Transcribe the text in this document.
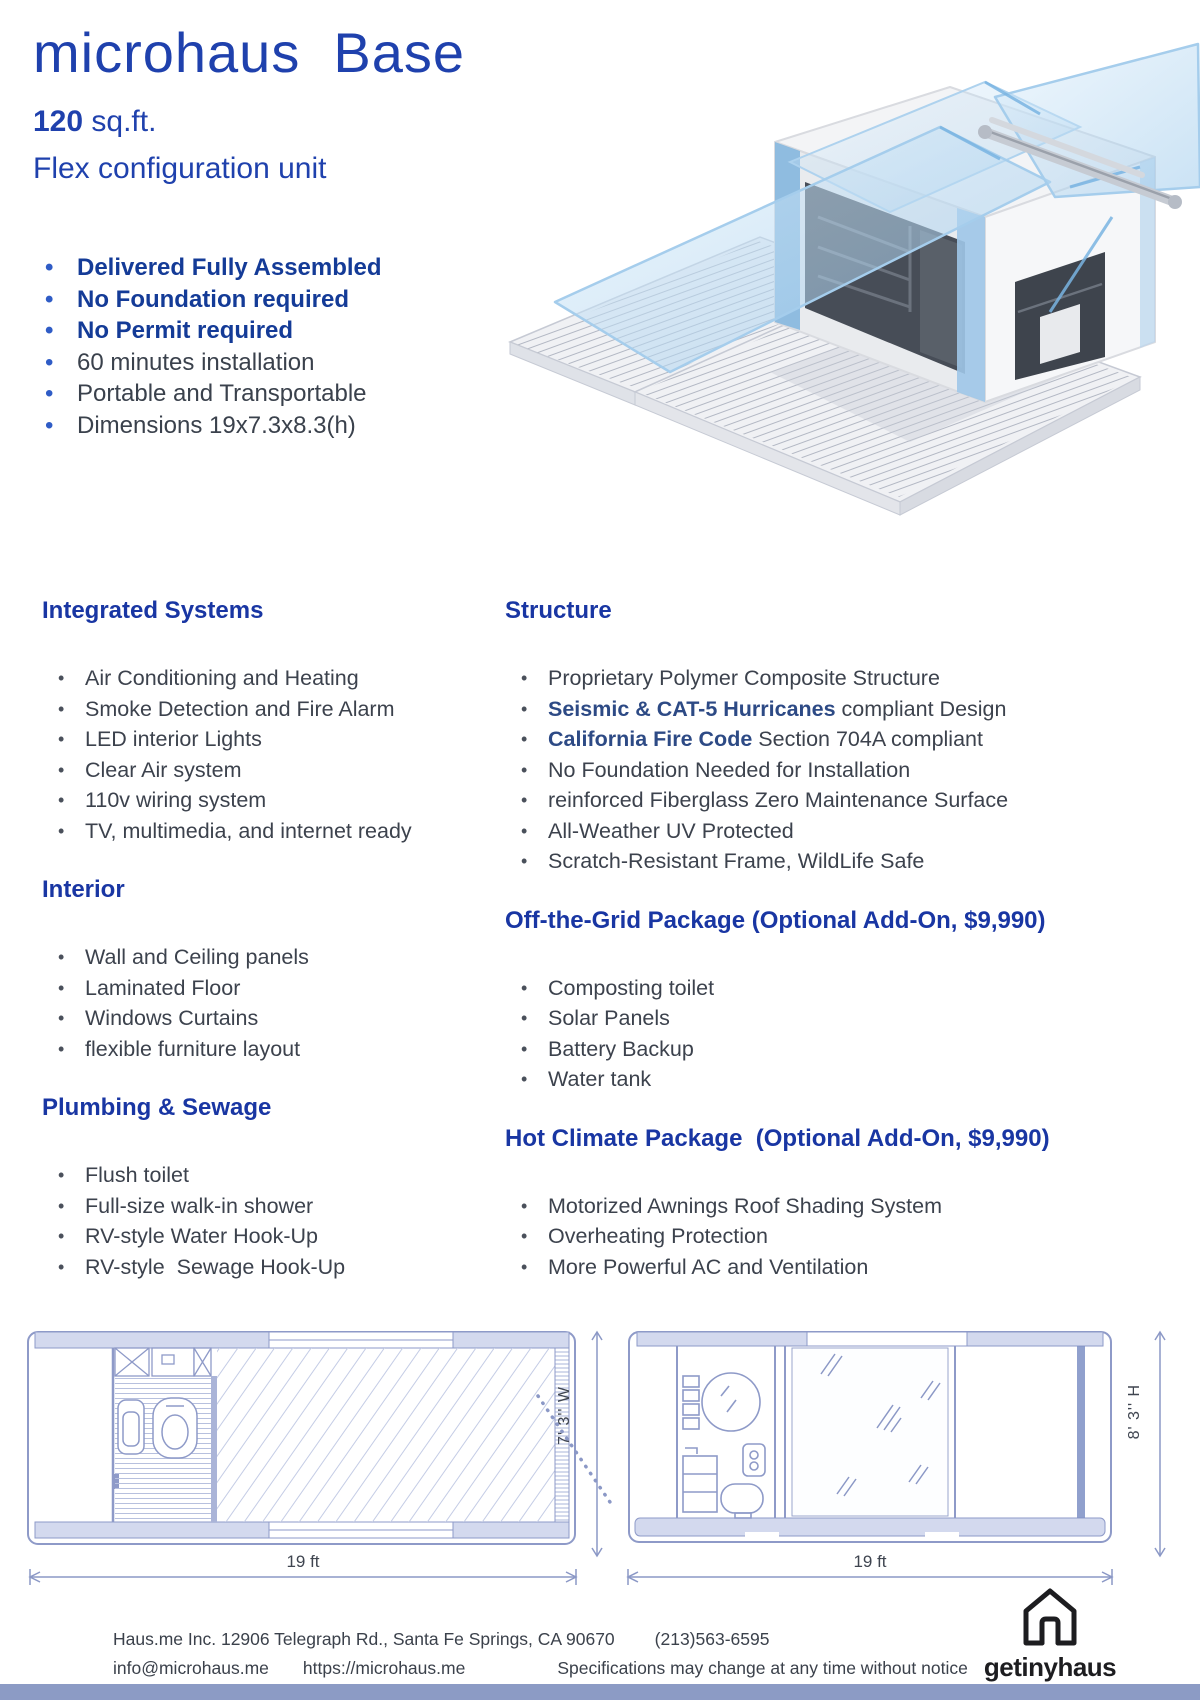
microhaus  Base
120 sq.ft.
Flex configuration unit
• Delivered Fully Assembled
• No Foundation required
• No Permit required
• 60 minutes installation
• Portable and Transportable
• Dimensions 19x7.3x8.3(h)
Integrated Systems
• Air Conditioning and Heating
• Smoke Detection and Fire Alarm
• LED interior Lights
• Clear Air system
• 110v wiring system
• TV, multimedia, and internet ready
Interior
• Wall and Ceiling panels
• Laminated Floor
• Windows Curtains
• flexible furniture layout
Plumbing & Sewage
• Flush toilet
• Full-size walk-in shower
• RV-style Water Hook-Up
• RV-style  Sewage Hook-Up
Structure
• Proprietary Polymer Composite Structure
• Seismic & CAT-5 Hurricanes compliant Design
• California Fire Code Section 704A compliant
• No Foundation Needed for Installation
• reinforced Fiberglass Zero Maintenance Surface
• All-Weather UV Protected
• Scratch-Resistant Frame, WildLife Safe
Off-the-Grid Package (Optional Add-On, $9,990)
• Composting toilet
• Solar Panels
• Battery Backup
• Water tank
Hot Climate Package  (Optional Add-On, $9,990)
• Motorized Awnings Roof Shading System
• Overheating Protection
• More Powerful AC and Ventilation
19 ft	19 ft
7' 3'' W	8' 3'' H
getinyhaus
Haus.me Inc. 12906 Telegraph Rd., Santa Fe Springs, CA 90670 (213)563-6595
info@microhaus.me https://microhaus.me	Specifications may change at any time without notice
